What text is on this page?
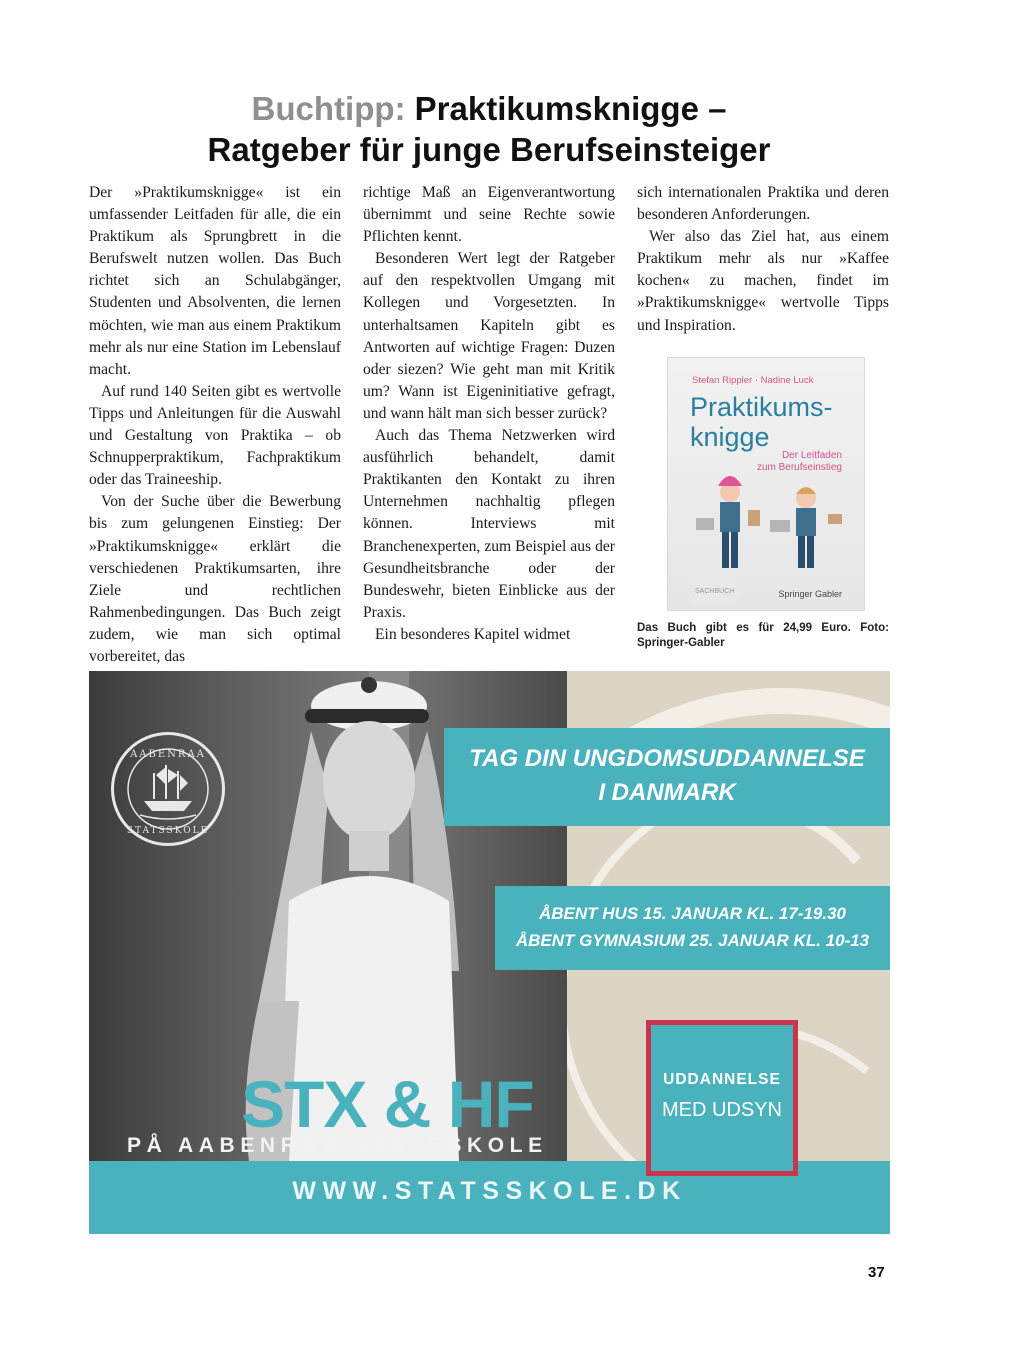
Buchtipp: Praktikumsknigge –
Ratgeber für junge Berufseinsteiger

Der »Praktikumsknigge« ist ein umfassender Leitfaden für alle, die ein Praktikum als Sprungbrett in die Berufswelt nutzen wollen. Das Buch richtet sich an Schulabgänger, Studenten und Absolventen, die lernen möchten, wie man aus einem Praktikum mehr als nur eine Station im Lebenslauf macht.

Auf rund 140 Seiten gibt es wertvolle Tipps und Anleitungen für die Auswahl und Gestaltung von Praktika – ob Schnupperpraktikum, Fachpraktikum oder das Traineeship.

Von der Suche über die Bewerbung bis zum gelungenen Einstieg: Der »Praktikumsknigge« erklärt die verschiedenen Praktikumsarten, ihre Ziele und rechtlichen Rahmenbedingungen. Das Buch zeigt zudem, wie man sich optimal vorbereitet, das

richtige Maß an Eigenverantwortung übernimmt und seine Rechte sowie Pflichten kennt.

Besonderen Wert legt der Ratgeber auf den respektvollen Umgang mit Kollegen und Vorgesetzten. In unterhaltsamen Kapiteln gibt es Antworten auf wichtige Fragen: Duzen oder siezen? Wie geht man mit Kritik um? Wann ist Eigeninitiative gefragt, und wann hält man sich besser zurück?

Auch das Thema Netzwerken wird ausführlich behandelt, damit Praktikanten den Kontakt zu ihren Unternehmen nachhaltig pflegen können. Interviews mit Branchenexperten, zum Beispiel aus der Gesundheitsbranche oder der Bundeswehr, bieten Einblicke aus der Praxis.

Ein besonderes Kapitel widmet

sich internationalen Praktika und deren besonderen Anforderungen.

Wer also das Ziel hat, aus einem Praktikum mehr als nur »Kaffee kochen« zu machen, findet im »Praktikumsknigge« wertvolle Tipps und Inspiration.

Stefan Rippler · Nadine Luck
Praktikums-
knigge
Der Leitfaden
zum Berufseinstieg
SACHBUCH	Springer Gabler
Das Buch gibt es für 24,99 Euro. Foto: Springer-Gabler
AABENRAA
STATSSKOLE
TAG DIN UNGDOMSUDDANNELSE
I DANMARK
ÅBENT HUS 15. JANUAR KL. 17-19.30
ÅBENT GYMNASIUM 25. JANUAR KL. 10-13
STX & HF
PÅ AABENRAA STATSSKOLE
WWW.STATSSKOLE.DK
UDDANNELSE
MED UDSYN
37
